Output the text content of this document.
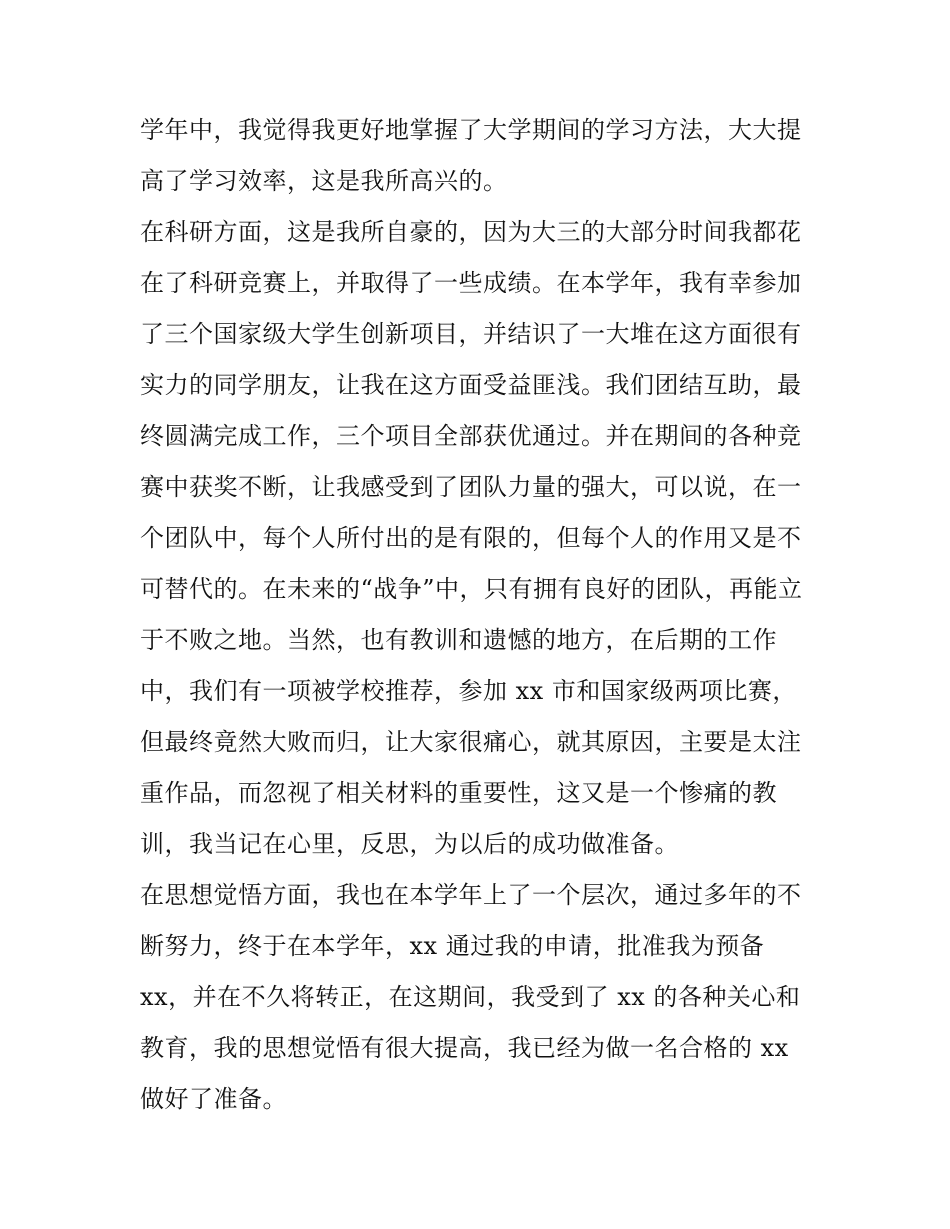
学年中，我觉得我更好地掌握了大学期间的学习方法，大大提
高了学习效率，这是我所高兴的。
在科研方面，这是我所自豪的，因为大三的大部分时间我都花
在了科研竞赛上，并取得了一些成绩。在本学年，我有幸参加
了三个国家级大学生创新项目，并结识了一大堆在这方面很有
实力的同学朋友，让我在这方面受益匪浅。我们团结互助，最
终圆满完成工作，三个项目全部获优通过。并在期间的各种竞
赛中获奖不断，让我感受到了团队力量的强大，可以说，在一
个团队中，每个人所付出的是有限的，但每个人的作用又是不
可替代的。在未来的“战争”中，只有拥有良好的团队，再能立
于不败之地。当然，也有教训和遗憾的地方，在后期的工作
中，我们有一项被学校推荐，参加 xx 市和国家级两项比赛，
但最终竟然大败而归，让大家很痛心，就其原因，主要是太注
重作品，而忽视了相关材料的重要性，这又是一个惨痛的教
训，我当记在心里，反思，为以后的成功做准备。
在思想觉悟方面，我也在本学年上了一个层次，通过多年的不
断努力，终于在本学年，xx 通过我的申请，批准我为预备
xx，并在不久将转正，在这期间，我受到了 xx 的各种关心和
教育，我的思想觉悟有很大提高，我已经为做一名合格的 xx
做好了准备。
